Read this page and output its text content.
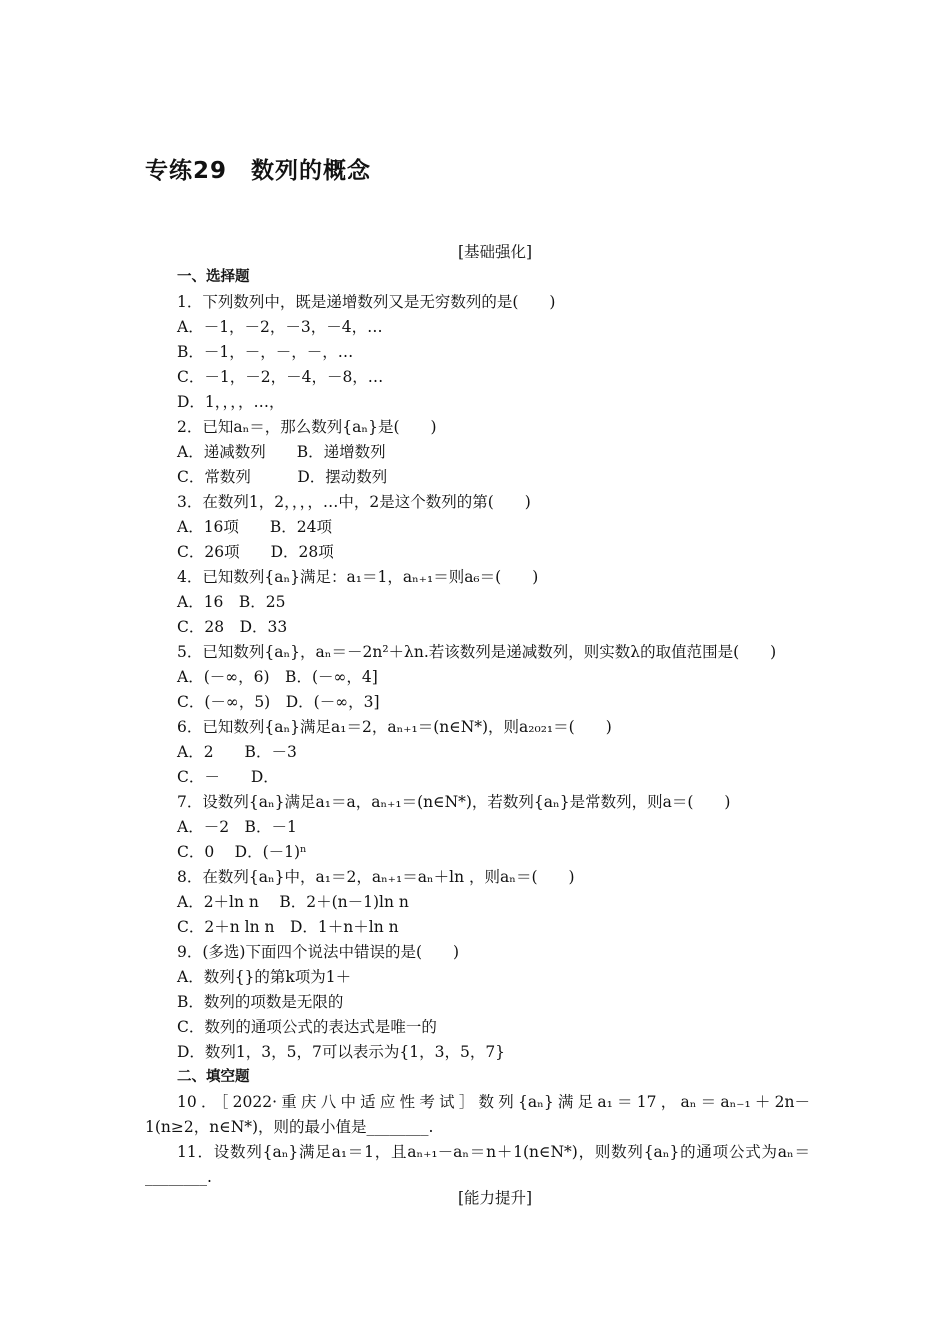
专练29　数列的概念
[基础强化]
一、选择题
1．下列数列中，既是递增数列又是无穷数列的是(　　)
A．－1，－2，－3，－4，…
B．－1，－，－，－，…
C．－1，－2，－4，－8，…
D．1，，，，…，
2．已知aₙ＝，那么数列{aₙ}是(　　)
A．递减数列　　B．递增数列
C．常数列　　　D．摆动数列
3．在数列1，2，，，，…中，2是这个数列的第(　　)
A．16项　　B．24项
C．26项　　D．28项
4．已知数列{aₙ}满足：a₁＝1，aₙ₊₁＝则a₆＝(　　)
A．16　B．25
C．28　D．33
5．已知数列{aₙ}，aₙ＝－2n²＋λn.若该数列是递减数列，则实数λ的取值范围是(　　)
A．(－∞，6)　B．(－∞，4]
C．(－∞，5)　D．(－∞，3]
6．已知数列{aₙ}满足a₁＝2，aₙ₊₁＝(n∈N*)，则a₂₀₂₁＝(　　)
A．2　　B．－3
C．－　　D．
7．设数列{aₙ}满足a₁＝a，aₙ₊₁＝(n∈N*)，若数列{aₙ}是常数列，则a＝(　　)
A．－2　B．－1
C．0　 D．(－1)ⁿ
8．在数列{aₙ}中，a₁＝2，aₙ₊₁＝aₙ＋ln ，则aₙ＝(　　)
A．2＋ln n　 B．2＋(n－1)ln n
C．2＋n ln n　D．1＋n＋ln n
9．(多选)下面四个说法中错误的是(　　)
A．数列{}的第k项为1＋
B．数列的项数是无限的
C．数列的通项公式的表达式是唯一的
D．数列1，3，5，7可以表示为{1，3，5，7}
二、填空题
10．［2022·重庆八中适应性考试］数列{aₙ}满足a₁＝17，aₙ＝aₙ₋₁＋2n－
1(n≥2，n∈N*)，则的最小值是________.
11．设数列{aₙ}满足a₁＝1，且aₙ₊₁－aₙ＝n＋1(n∈N*)，则数列{aₙ}的通项公式为aₙ＝
________.
[能力提升]
